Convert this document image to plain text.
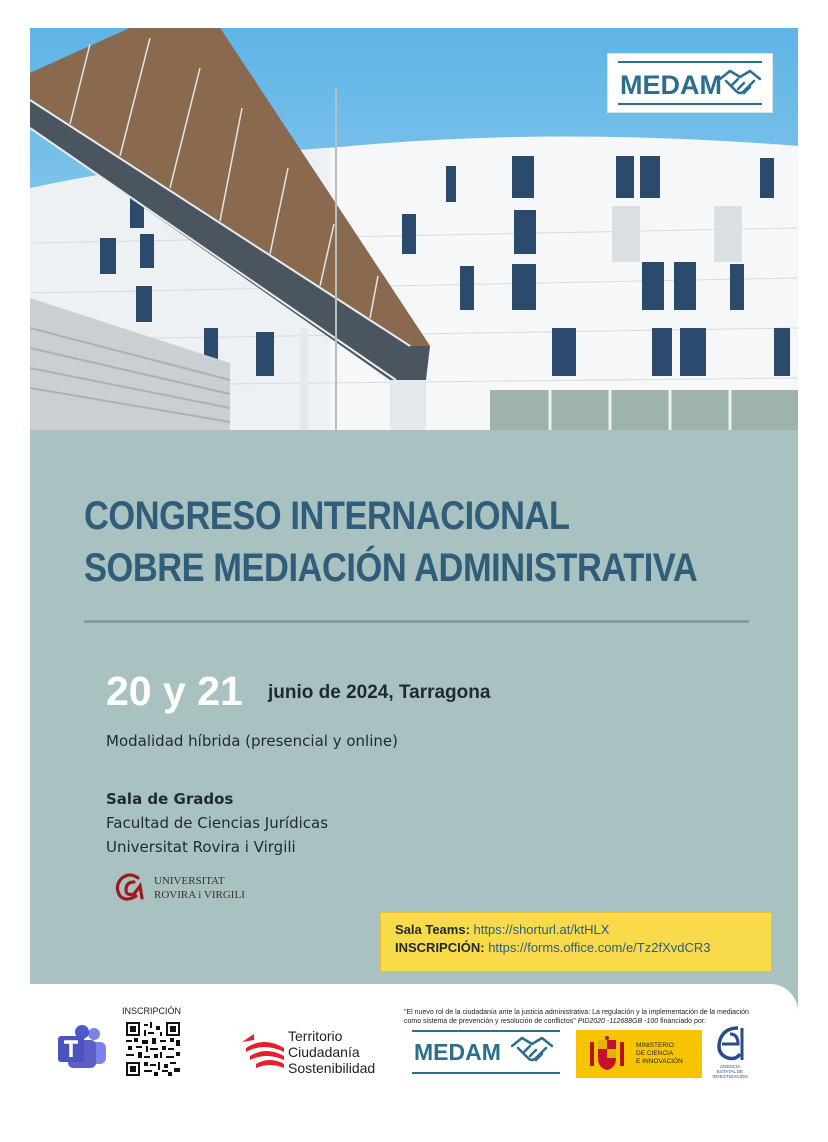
MEDAM
CONGRESO INTERNACIONAL
SOBRE MEDIACIÓN ADMINISTRATIVA
20 y 21 junio de 2024, Tarragona
Modalidad híbrida (presencial y online)
Sala de Grados
Facultad de Ciencias Jurídicas
Universitat Rovira i Virgili
UNIVERSITAT
ROVIRA i VIRGILI
Sala Teams: https://shorturl.at/ktHLX
INSCRIPCIÓN: https://forms.office.com/e/Tz2fXvdCR3
INSCRIPCIÓN
Territorio
Ciudadanía
Sostenibilidad
"El nuevo rol de la ciudadanía ante la justicia administrativa: La regulación y la implementación de la mediación como sistema de prevención y resolución de conflictos" PID2020 -112688GB -100 financiado por:
MEDAM	MINISTERIO
DE CIENCIA
E INNOVACIÓN
AGENCIA
ESTATAL DE
INVESTIGACIÓN
